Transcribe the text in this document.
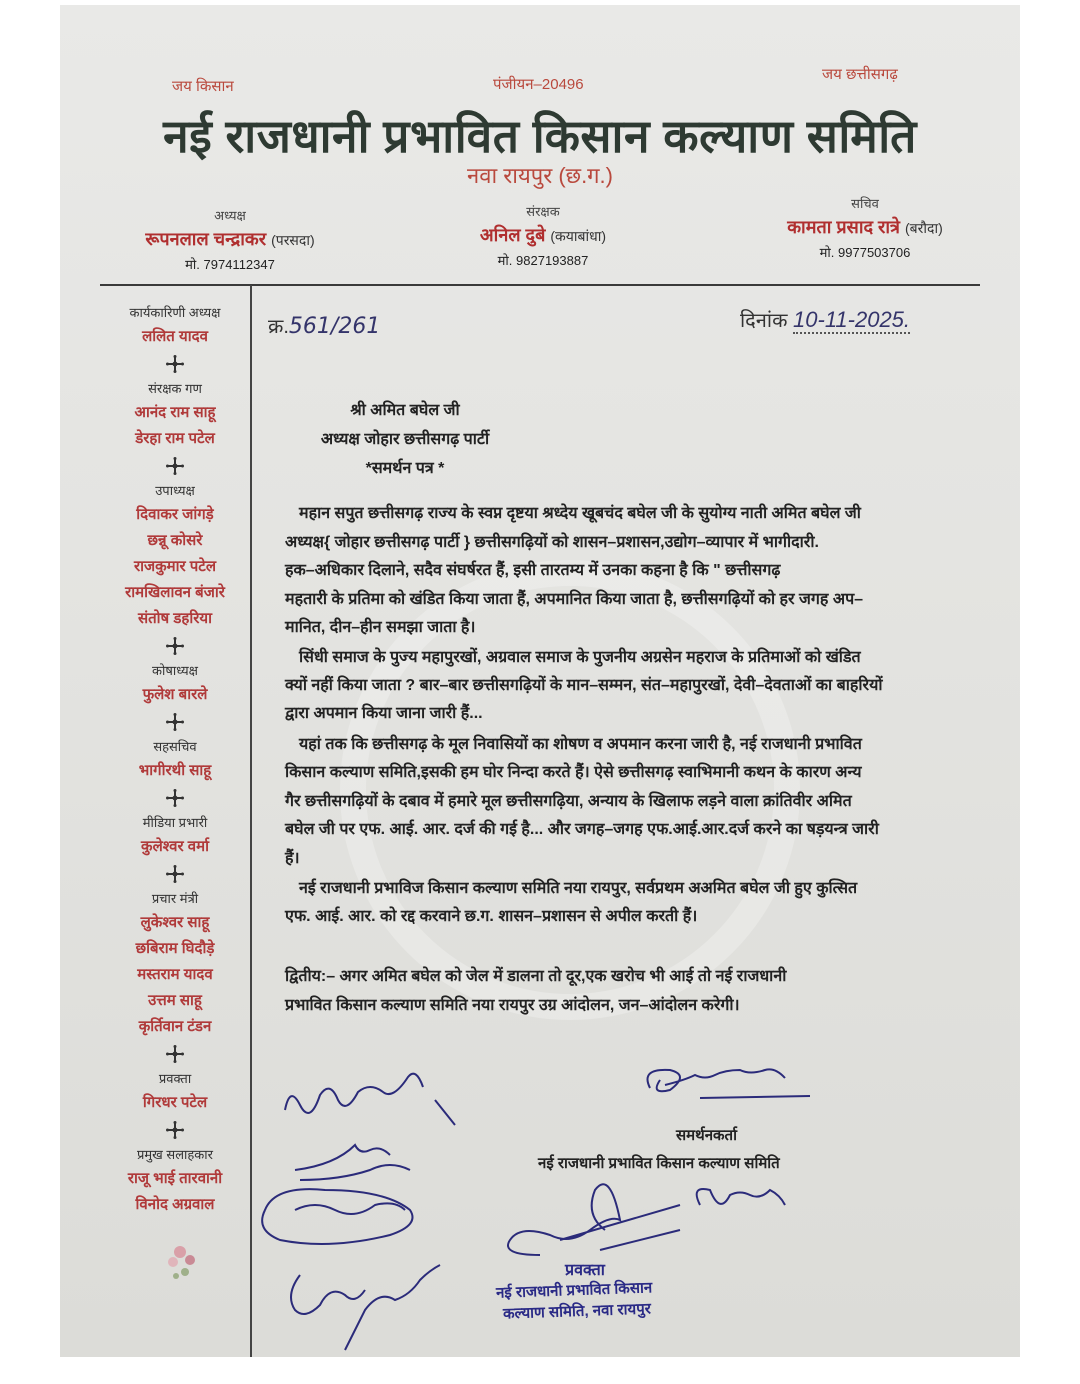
जय किसान	पंजीयन–20496
जय छत्तीसगढ़
नई राजधानी प्रभावित किसान कल्याण समिति
नवा रायपुर (छ.ग.)
अध्यक्ष
रूपनलाल चन्द्राकर (परसदा)
मो. 7974112347
संरक्षक
अनिल दुबे (कयाबांधा)
मो. 9827193887
सचिव
कामता प्रसाद रात्रे (बरौदा)
मो. 9977503706
कार्यकारिणी अध्यक्ष
ललित यादव
संरक्षक गण
आनंद राम साहू
डेरहा राम पटेल
उपाध्यक्ष
दिवाकर जांगड़े
छन्नू कोसरे
राजकुमार पटेल
रामखिलावन बंजारे
संतोष डहरिया
कोषाध्यक्ष
फुलेश बारले
सहसचिव
भागीरथी साहू
मीडिया प्रभारी
कुलेश्वर वर्मा
प्रचार मंत्री
लुकेश्वर साहू
छबिराम घिदौड़े
मस्तराम यादव
उत्तम साहू
कृर्तिवान टंडन
प्रवक्ता
गिरधर पटेल
प्रमुख सलाहकार
राजू भाई तारवानी
विनोद अग्रवाल
क्र.561/261	दिनांक 10-11-2025.
श्री अमित बघेल जी
अध्यक्ष जोहार छत्तीसगढ़ पार्टी
*समर्थन पत्र *
महान सपुत छत्तीसगढ़ राज्य के स्वप्न दृष्टया श्रध्देय खूबचंद बघेल जी के सुयोग्य नाती अमित बघेल जी
अध्यक्ष{ जोहार छत्तीसगढ़ पार्टी } छत्तीसगढ़ियों को शासन–प्रशासन,उद्योग–व्यापार में भागीदारी.
हक–अधिकार दिलाने, सदैव संघर्षरत हैं, इसी तारतम्य में उनका कहना है कि " छत्तीसगढ़
महतारी के प्रतिमा को खंडित किया जाता हैं, अपमानित किया जाता है, छत्तीसगढ़ियों को हर जगह अप–
मानित, दीन–हीन समझा जाता है।
सिंधी समाज के पुज्य महापुरखों, अग्रवाल समाज के पुजनीय अग्रसेन महराज के प्रतिमाओं को खंडित
क्यों नहीं किया जाता ? बार–बार छत्तीसगढ़ियों के मान–सम्मन, संत–महापुरखों, देवी–देवताओं का बाहरियों
द्वारा अपमान किया जाना जारी हैं...
यहां तक कि छत्तीसगढ़ के मूल निवासियों का शोषण व अपमान करना जारी है, नई राजधानी प्रभावित
किसान कल्याण समिति,इसकी हम घोर निन्दा करते हैं। ऐसे छत्तीसगढ़ स्वाभिमानी कथन के कारण अन्य
गैर छत्तीसगढ़ियों के दबाव में हमारे मूल छत्तीसगढ़िया, अन्याय के खिलाफ लड़ने वाला क्रांतिवीर अमित
बघेल जी पर एफ. आई. आर. दर्ज की गई है... और जगह–जगह एफ.आई.आर.दर्ज करने का षड़यन्त्र जारी
हैं।
नई राजधानी प्रभाविज किसान कल्याण समिति नया रायपुर, सर्वप्रथम अअमित बघेल जी हुए कुत्सित
एफ. आई. आर. को रद्द करवाने छ.ग. शासन–प्रशासन से अपील करती हैं।
द्वितीय:– अगर अमित बघेल को जेल में डालना तो दूर,एक खरोच भी आई तो नई राजधानी
प्रभावित किसान कल्याण समिति नया रायपुर उग्र आंदोलन, जन–आंदोलन करेगी।
समर्थनकर्ता
नई राजधानी प्रभावित किसान कल्याण समिति
प्रवक्ता
नई राजधानी प्रभावित किसान
कल्याण समिति, नवा रायपुर
